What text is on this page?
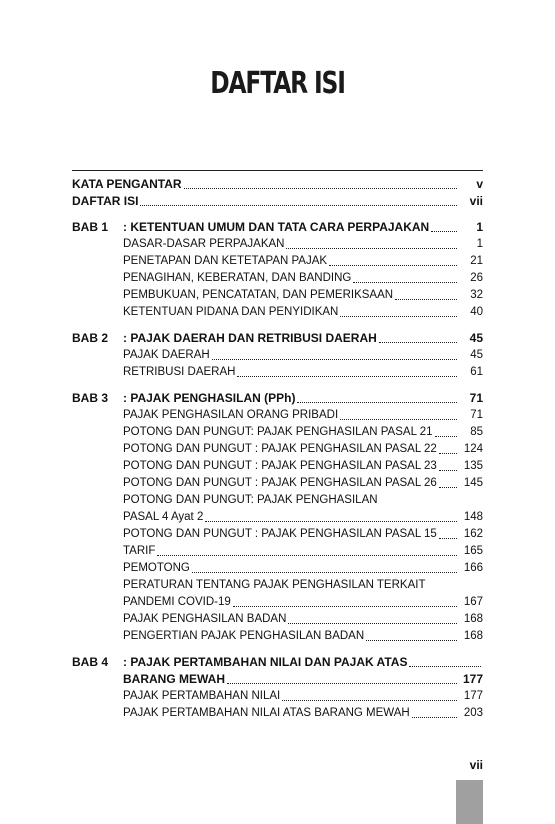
DAFTAR ISI
KATA PENGANTAR	v
DAFTAR ISI	vii
BAB 1	: KETENTUAN UMUM DAN TATA CARA PERPAJAKAN	1
DASAR-DASAR PERPAJAKAN	1
PENETAPAN DAN KETETAPAN PAJAK	21
PENAGIHAN, KEBERATAN, DAN BANDING	26
PEMBUKUAN, PENCATATAN, DAN PEMERIKSAAN	32
KETENTUAN PIDANA DAN PENYIDIKAN	40
BAB 2	: PAJAK DAERAH DAN RETRIBUSI DAERAH	45
PAJAK DAERAH	45
RETRIBUSI DAERAH	61
BAB 3	: PAJAK PENGHASILAN (PPh)	71
PAJAK PENGHASILAN ORANG PRIBADI	71
POTONG DAN PUNGUT: PAJAK PENGHASILAN PASAL 21	85
POTONG DAN PUNGUT : PAJAK PENGHASILAN PASAL 22	124
POTONG DAN PUNGUT : PAJAK PENGHASILAN PASAL 23	135
POTONG DAN PUNGUT : PAJAK PENGHASILAN PASAL 26	145
POTONG DAN PUNGUT: PAJAK PENGHASILAN
PASAL 4 Ayat 2	148
POTONG DAN PUNGUT : PAJAK PENGHASILAN PASAL 15	162
TARIF	165
PEMOTONG	166
PERATURAN TENTANG PAJAK PENGHASILAN TERKAIT
PANDEMI COVID-19	167
PAJAK PENGHASILAN BADAN	168
PENGERTIAN PAJAK PENGHASILAN BADAN	168
BAB 4	: PAJAK PERTAMBAHAN NILAI DAN PAJAK ATAS
BARANG MEWAH	177
PAJAK PERTAMBAHAN NILAI	177
PAJAK PERTAMBAHAN NILAI ATAS BARANG MEWAH	203
vii
